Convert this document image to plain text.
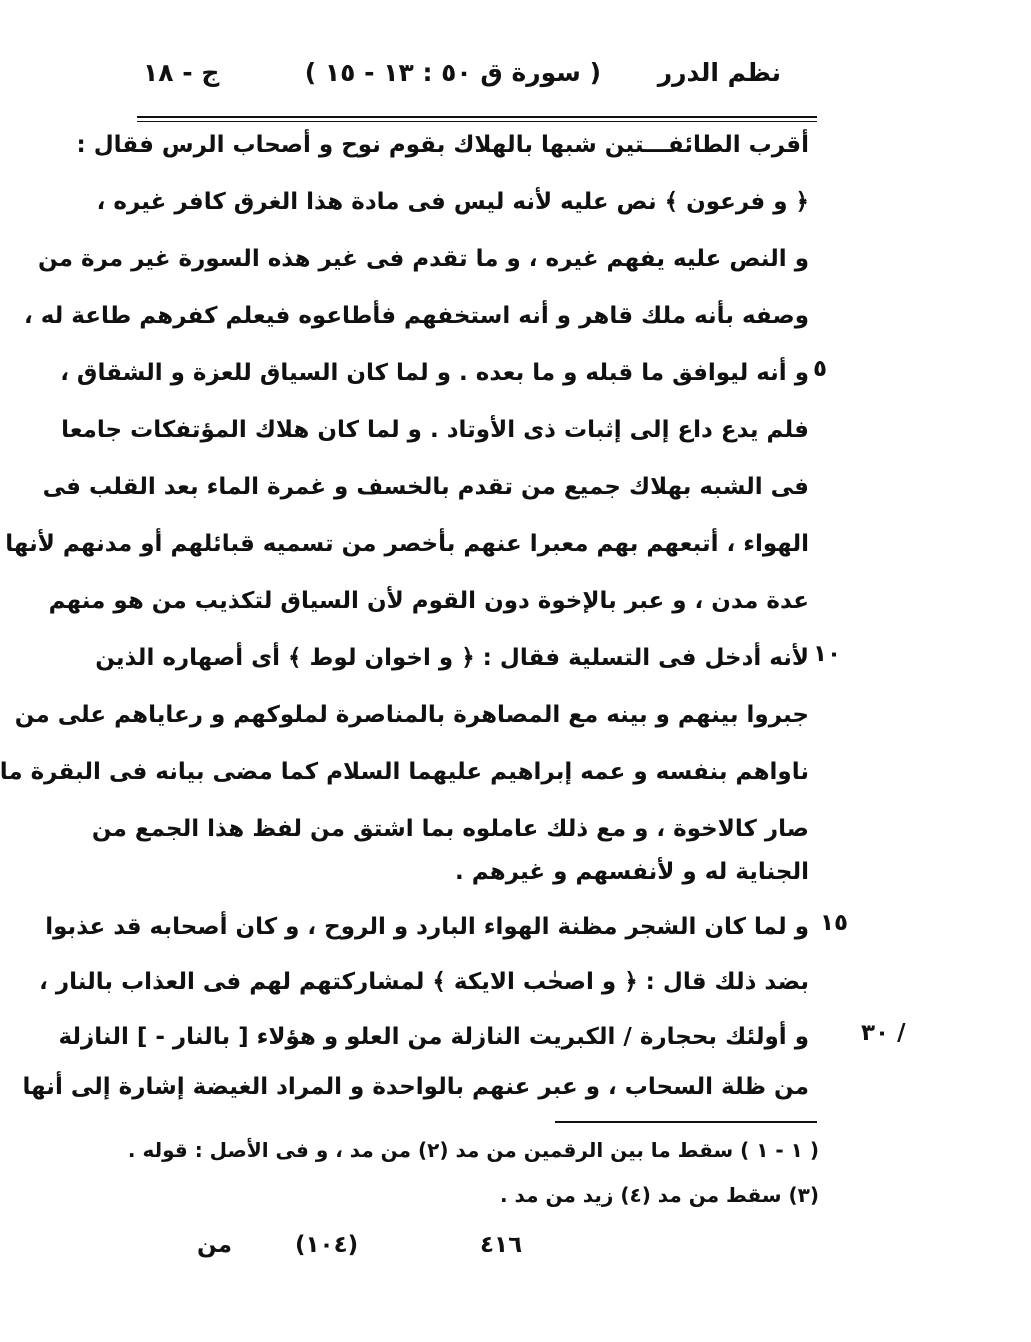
نظم الدرر
( سورة ق ٥٠ : ١٣ - ١٥ )
ج - ١٨
أقرب الطائفـــتين شبها بالهلاك بقوم نوح و أصحاب الرس فقال :
﴿ و فرعون ﴾ نص عليه لأنه ليس فى مادة هذا الغرق كافر غيره ،
و النص عليه يفهم غيره ، و ما تقدم فى غير هذه السورة غير مرة من
وصفه بأنه ملك قاهر و أنه استخفهم فأطاعوه فيعلم كفرهم طاعة له ،
و أنه ليوافق ما قبله و ما بعده . و لما كان السياق للعزة و الشقاق ،
فلم يدع داع إلى إثبات ذى الأوتاد . و لما كان هلاك المؤتفكات جامعا
فى الشبه بهلاك جميع من تقدم بالخسف و غمرة الماء بعد القلب فى
الهواء ، أتبعهم بهم معبرا عنهم بأخصر من تسميه قبائلهم أو مدنهم لأنها
عدة مدن ، و عبر بالإخوة دون القوم لأن السياق لتكذيب من هو منهم
لأنه أدخل فى التسلية فقال : ﴿ و اخوان لوط ﴾ أى أصهاره الذين
جبروا بينهم و بينه مع المصاهرة بالمناصرة لملوكهم و رعاياهم على من
ناواهم بنفسه و عمه إبراهيم عليهما السلام كما مضى بيانه فى البقرة ما
صار كالاخوة ، و مع ذلك عاملوه بما اشتق من لفظ هذا الجمع من
الجناية له و لأنفسهم و غيرهم .
و لما كان الشجر مظنة الهواء البارد و الروح ، و كان أصحابه قد عذبوا
بضد ذلك قال : ﴿ و اصحٰب الايكة ﴾ لمشاركتهم لهم فى العذاب بالنار ،
و أولئك بحجارة / الكبريت النازلة من العلو و هؤلاء [ بالنار - ] النازلة
من ظلة السحاب ، و عبر عنهم بالواحدة و المراد الغيضة إشارة إلى أنها
٥
١٠
١٥
/ ٣٠
( ١ - ١ ) سقط ما بين الرقمين من مد (٢) من مد ، و فى الأصل : قوله .
(٣) سقط من مد (٤) زيد من مد .
٤١٦
(١٠٤)
من
